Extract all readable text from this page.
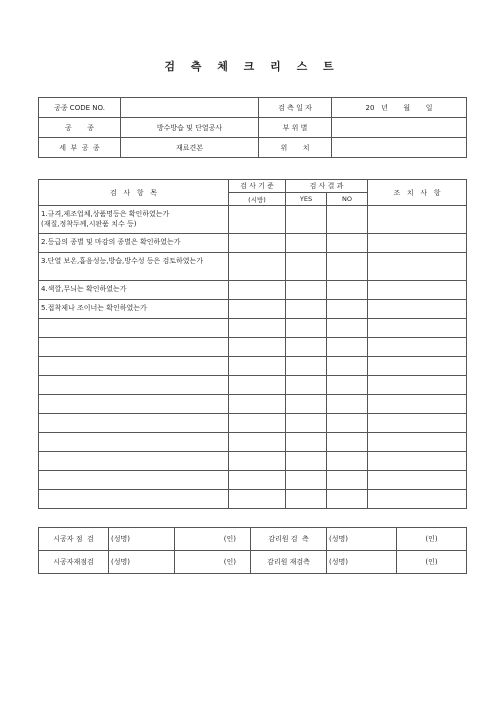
검 측 체 크 리 스 트
공종 CODE NO.		검 측 일 자	20   년       월       일
공       종	방수방습 및 단열공사	부 위 별	
세  부  공  종	재료견본	위       치	
검   사   항   목	검 사 기 준	검 사 결 과		조   치   사   항
	(시방)	YES	NO	
1.규격,제조업체,상품명등은 확인하였는가
(재질,정착두께,시판품 치수 등)				
2.등급의 종별 및 마감의 종별은 확인하였는가				
3.단열 보온,흡음성능,방습,방수성 등은 검토하였는가				
4.색깔,무늬는 확인하였는가				
5.접착제나 조이너는 확인하였는가				

시공자 점  검	(성명)	(인)	감리원 검  측	(성명)	(인)
시공자재점검	(성명)	(인)	감리원 재검측	(성명)	(인)
